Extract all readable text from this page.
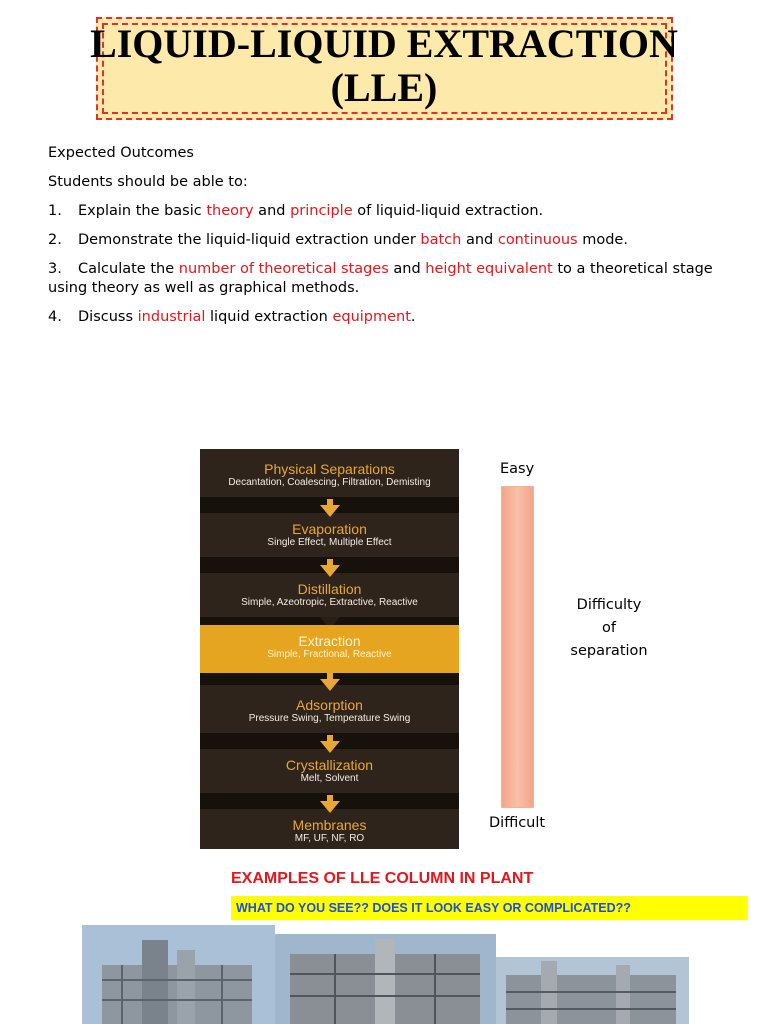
LIQUID-LIQUID EXTRACTION
(LLE)

Expected Outcomes

Students should be able to:

1. Explain the basic theory and principle of liquid-liquid extraction.

2. Demonstrate the liquid-liquid extraction under batch and continuous mode.

3. Calculate the number of theoretical stages and height equivalent to a theoretical stage using theory as well as graphical methods.

4. Discuss industrial liquid extraction equipment.

Physical Separations
Decantation, Coalescing, Filtration, Demisting
Evaporation
Single Effect, Multiple Effect
Distillation
Simple, Azeotropic, Extractive, Reactive
Extraction
Simple, Fractional, Reactive
Adsorption
Pressure Swing, Temperature Swing
Crystallization
Melt, Solvent
Membranes
MF, UF, NF, RO
Easy
Difficult
Difficulty
of
separation
EXAMPLES OF LLE COLUMN IN PLANT
WHAT DO YOU SEE?? DOES IT LOOK EASY OR COMPLICATED??
